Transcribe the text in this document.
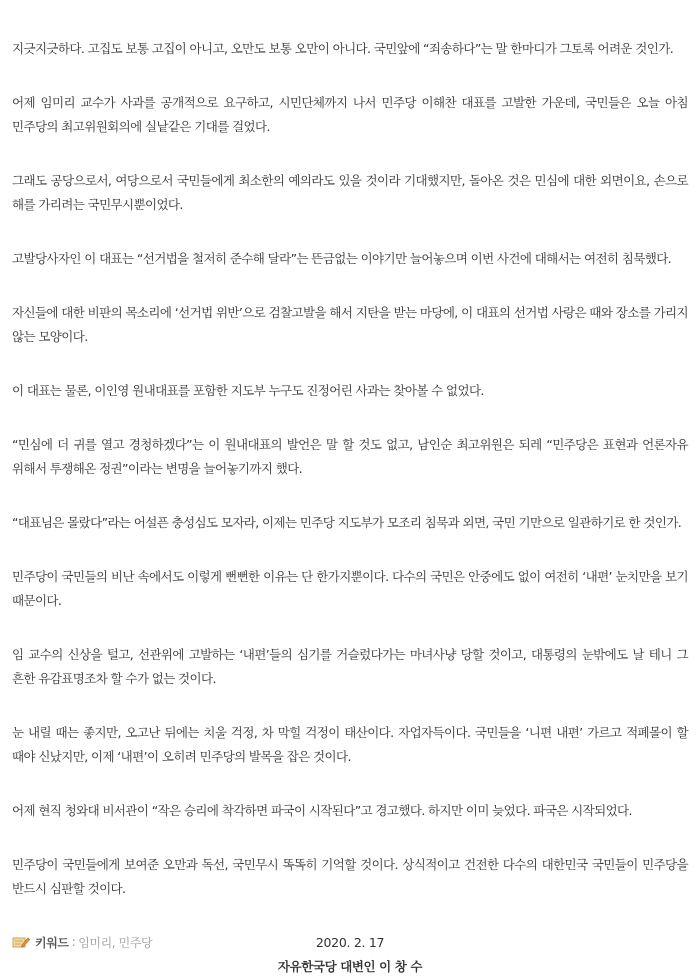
지긋지긋하다. 고집도 보통 고집이 아니고, 오만도 보통 오만이 아니다. 국민앞에 “죄송하다”는 말 한마디가 그토록 어려운 것인가.

어제 임미리 교수가 사과를 공개적으로 요구하고, 시민단체까지 나서 민주당 이해찬 대표를 고발한 가운데, 국민들은 오늘 아침 민주당의 최고위원회의에 실낱같은 기대를 걸었다.

그래도 공당으로서, 여당으로서 국민들에게 최소한의 예의라도 있을 것이라 기대했지만, 돌아온 것은 민심에 대한 외면이요, 손으로 해를 가리려는 국민무시뿐이었다.

고발당사자인 이 대표는 “선거법을 철저히 준수해 달라”는 뜬금없는 이야기만 늘어놓으며 이번 사건에 대해서는 여전히 침묵했다.

자신들에 대한 비판의 목소리에 ‘선거법 위반’으로 검찰고발을 해서 지탄을 받는 마당에, 이 대표의 선거법 사랑은 때와 장소를 가리지 않는 모양이다.

이 대표는 물론, 이인영 원내대표를 포함한 지도부 누구도 진정어린 사과는 찾아볼 수 없었다.

“민심에 더 귀를 열고 경청하겠다”는 이 원내대표의 발언은 말 할 것도 없고, 남인순 최고위원은 되레 “민주당은 표현과 언론자유 위해서 투쟁해온 정권”이라는 변명을 늘어놓기까지 했다.

“대표님은 몰랐다”라는 어설픈 충성심도 모자라, 이제는 민주당 지도부가 모조리 침묵과 외면, 국민 기만으로 일관하기로 한 것인가.

민주당이 국민들의 비난 속에서도 이렇게 뻔뻔한 이유는 단 한가지뿐이다. 다수의 국민은 안중에도 없이 여전히 ‘내편’ 눈치만을 보기 때문이다.

임 교수의 신상을 털고, 선관위에 고발하는 ‘내편’들의 심기를 거슬렀다가는 마녀사냥 당할 것이고, 대통령의 눈밖에도 날 테니 그 흔한 유감표명조차 할 수가 없는 것이다.

눈 내릴 때는 좋지만, 오고난 뒤에는 치울 걱정, 차 막힐 걱정이 태산이다. 자업자득이다. 국민들을 ‘니편 내편’ 가르고 적폐몰이 할 때야 신났지만, 이제 ‘내편’이 오히려 민주당의 발목을 잡은 것이다.

어제 현직 청와대 비서관이 “작은 승리에 착각하면 파국이 시작된다”고 경고했다. 하지만 이미 늦었다. 파국은 시작되었다.

민주당이 국민들에게 보여준 오만과 독선, 국민무시 똑똑히 기억할 것이다. 상식적이고 건전한 다수의 대한민국 국민들이 민주당을 반드시 심판할 것이다.

2020. 2. 17
자유한국당 대변인 이 창 수
키워드 : 임미리, 민주당
